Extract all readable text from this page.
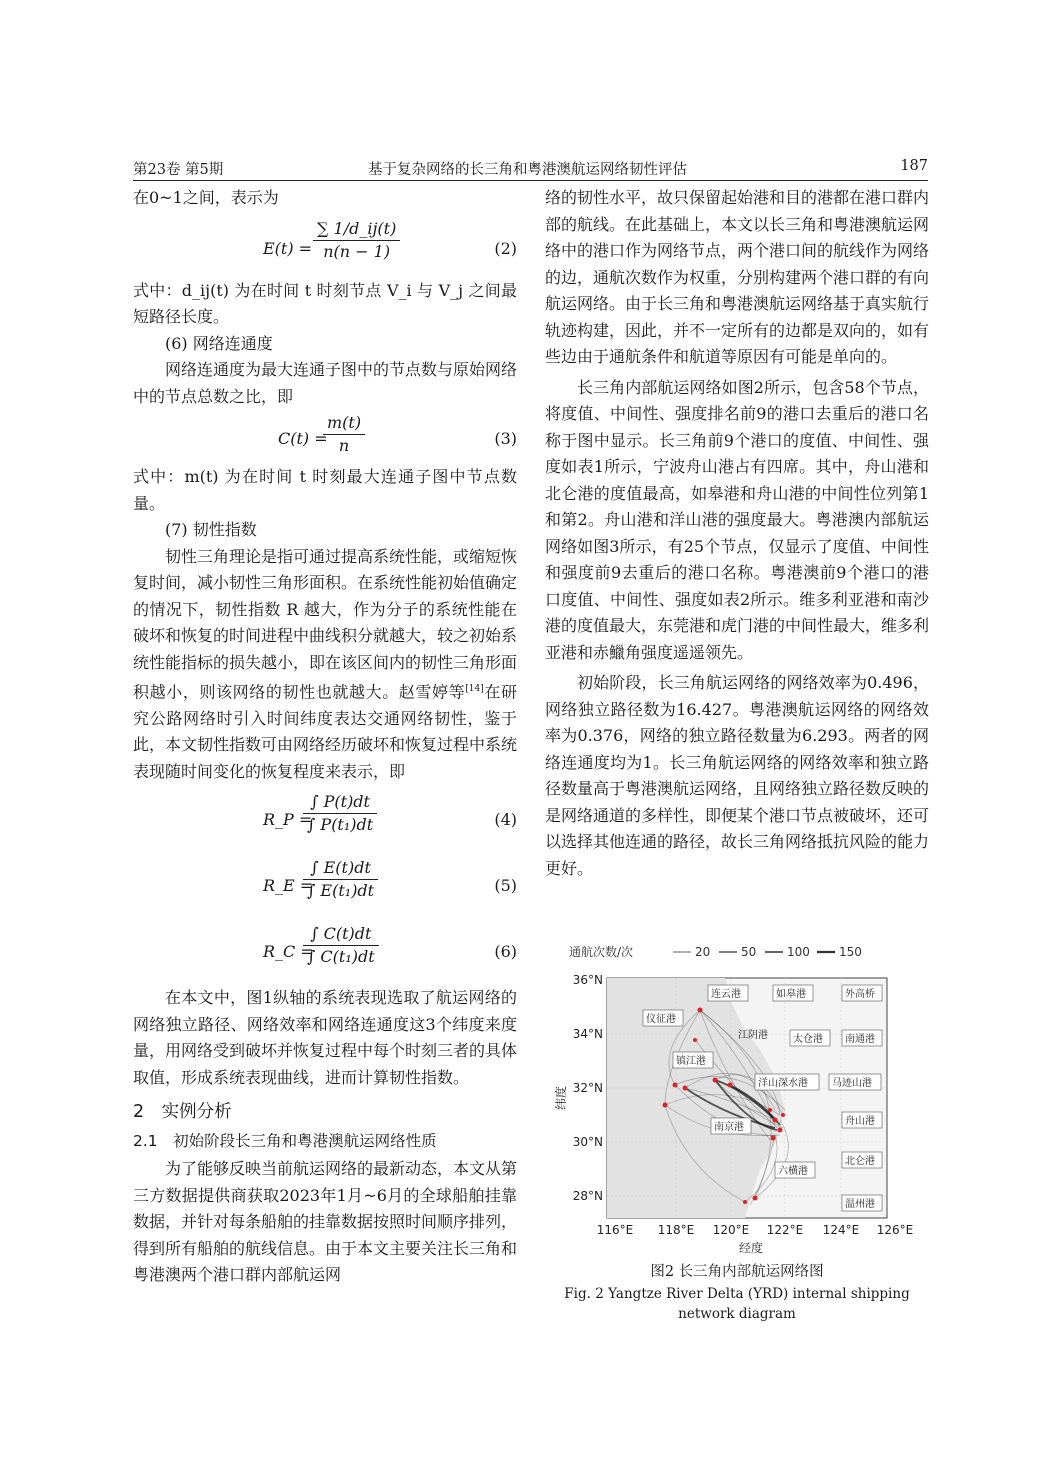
第23卷 第5期	基于复杂网络的长三角和粤港澳航运网络韧性评估	187

在0~1之间，表示为

$E(t) = \frac{\sum 1/d\_ij(t)}{n(n - 1)}$	(2)

式中：d_ij(t) 为在时间 t 时刻节点 V_i 与 V_j 之间最短路径长度。

(6) 网络连通度

网络连通度为最大连通子图中的节点数与原始网络中的节点总数之比，即

C(t) =
$\frac{m(t)}{n}$	(3)

式中：m(t) 为在时间 t 时刻最大连通子图中节点数量。

(7) 韧性指数

韧性三角理论是指可通过提高系统性能，或缩短恢复时间，减小韧性三角形面积。在系统性能初始值确定的情况下，韧性指数 R 越大，作为分子的系统性能在破坏和恢复的时间进程中曲线积分就越大，较之初始系统性能指标的损失越小，即在该区间内的韧性三角形面积越小，则该网络的韧性也就越大。赵雪婷等[14]在研究公路网络时引入时间纬度表达交通网络韧性，鉴于此，本文韧性指数可由网络经历破坏和恢复过程中系统表现随时间变化的恢复程度来表示，即

R_P =
$\frac{\int P(t)dt}{\text{∫ P(t₁)dt}}$	(4)
R_E =
$\frac{\int E(t)dt}{\text{∫ E(t₁)dt}}$	(5)
R_C =
$\frac{\int C(t)dt}{\text{∫ C(t₁)dt}}$	(6)

在本文中，图1纵轴的系统表现选取了航运网络的网络独立路径、网络效率和网络连通度这3个纬度来度量，用网络受到破坏并恢复过程中每个时刻三者的具体取值，形成系统表现曲线，进而计算韧性指数。

2　实例分析

2.1　初始阶段长三角和粤港澳航运网络性质

为了能够反映当前航运网络的最新动态，本文从第三方数据提供商获取2023年1月~6月的全球船舶挂靠数据，并针对每条船舶的挂靠数据按照时间顺序排列，得到所有船舶的航线信息。由于本文主要关注长三角和粤港澳两个港口群内部航运网

络的韧性水平，故只保留起始港和目的港都在港口群内部的航线。在此基础上，本文以长三角和粤港澳航运网络中的港口作为网络节点，两个港口间的航线作为网络的边，通航次数作为权重，分别构建两个港口群的有向航运网络。由于长三角和粤港澳航运网络基于真实航行轨迹构建，因此，并不一定所有的边都是双向的，如有些边由于通航条件和航道等原因有可能是单向的。

长三角内部航运网络如图2所示，包含58个节点，将度值、中间性、强度排名前9的港口去重后的港口名称于图中显示。长三角前9个港口的度值、中间性、强度如表1所示，宁波舟山港占有四席。其中，舟山港和北仑港的度值最高，如皋港和舟山港的中间性位列第1和第2。舟山港和洋山港的强度最大。粤港澳内部航运网络如图3所示，有25个节点，仅显示了度值、中间性和强度前9去重后的港口名称。粤港澳前9个港口的港口度值、中间性、强度如表2所示。维多利亚港和南沙港的度值最大，东莞港和虎门港的中间性最大，维多利亚港和赤鱲角强度遥遥领先。

初始阶段，长三角航运网络的网络效率为0.496，网络独立路径数为16.427。粤港澳航运网络的网络效率为0.376，网络的独立路径数量为6.293。两者的网络连通度均为1。长三角航运网络的网络效率和独立路径数量高于粤港澳航运网络，且网络独立路径数反映的是网络通道的多样性，即便某个港口节点被破坏，还可以选择其他连通的路径，故长三角网络抵抗风险的能力更好。

通航次数/次	20	50	100 150
连云港	如皋港	外高桥
仪征港
江阴港	太仓港 南通港
镇江港
洋山深水港 马迹山港
舟山港
南京港
北仑港
六横港
温州港
36°N
34°N
32°N
30°N
28°N
纬度
116°E 118°E 120°E 122°E 124°E 126°E
经度
图2 长三角内部航运网络图
Fig. 2 Yangtze River Delta (YRD) internal shipping
network diagram
